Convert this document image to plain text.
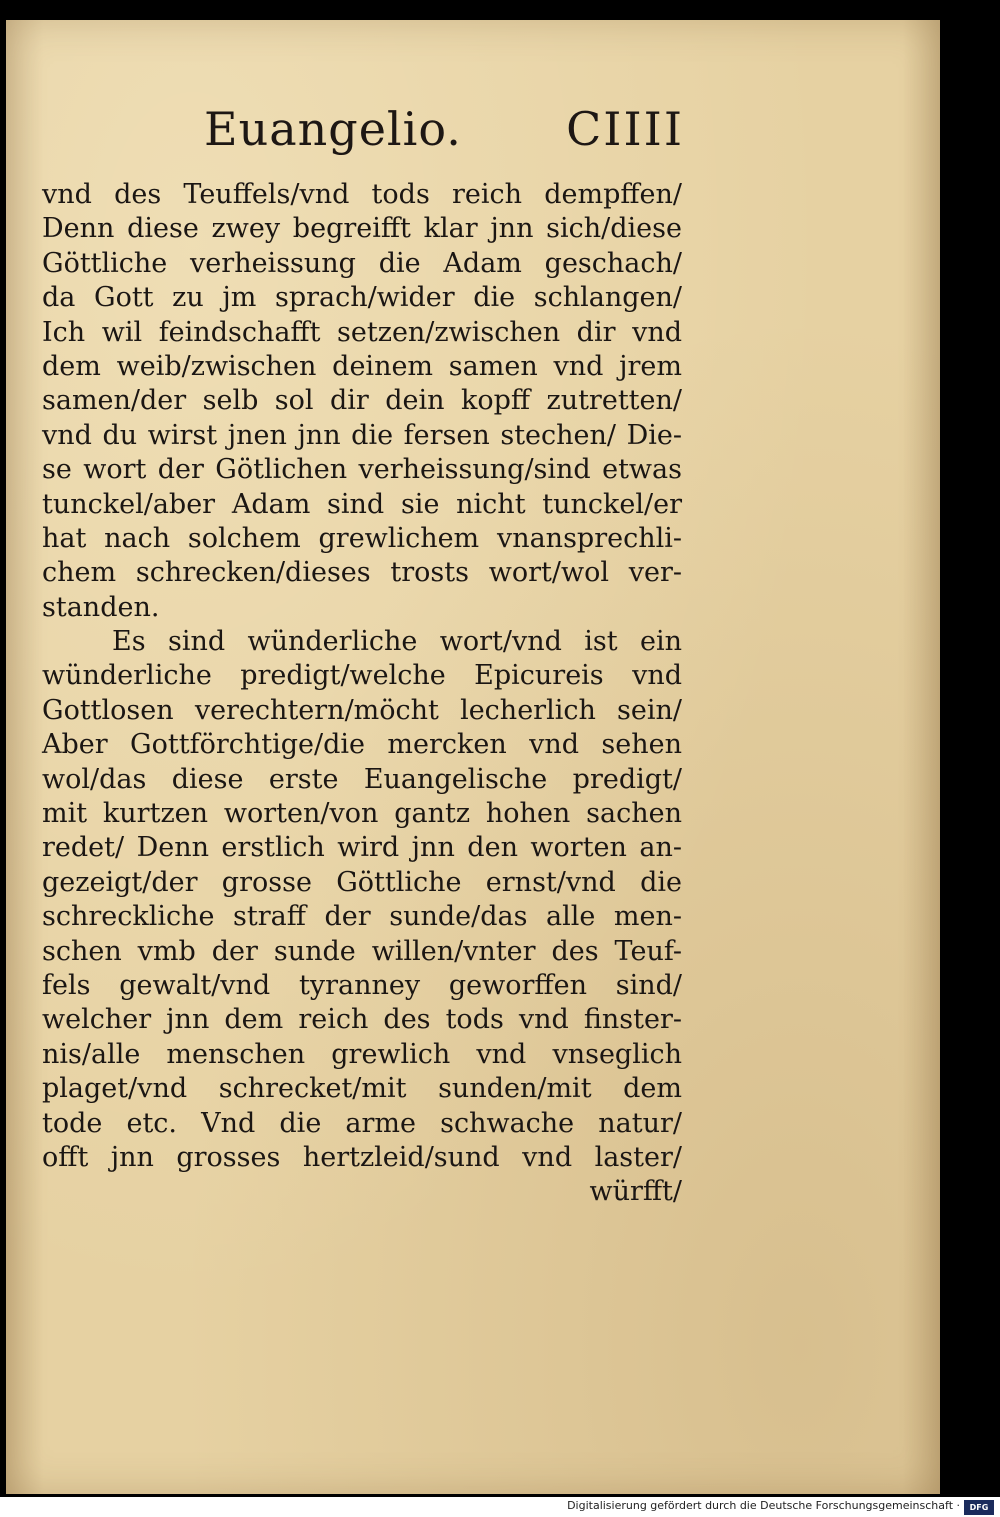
Euangelio. CIIII
vnd des Teuffels/vnd tods reich dempffen/
Denn diese zwey begreifft klar jnn sich/diese
Göttliche verheissung die Adam geschach/
da Gott zu jm sprach/wider die schlangen/
Ich wil feindschafft setzen/zwischen dir vnd
dem weib/zwischen deinem samen vnd jrem
samen/der selb sol dir dein kopff zutretten/
vnd du wirst jnen jnn die fersen stechen/ Die-
se wort der Götlichen verheissung/sind etwas
tunckel/aber Adam sind sie nicht tunckel/er
hat nach solchem grewlichem vnansprechli-
chem schrecken/dieses trosts wort/wol ver-
standen.
Es sind wünderliche wort/vnd ist ein
wünderliche predigt/welche Epicureis vnd
Gottlosen verechtern/möcht lecherlich sein/
Aber Gottförchtige/die mercken vnd sehen
wol/das diese erste Euangelische predigt/
mit kurtzen worten/von gantz hohen sachen
redet/ Denn erstlich wird jnn den worten an-
gezeigt/der grosse Göttliche ernst/vnd die
schreckliche straff der sunde/das alle men-
schen vmb der sunde willen/vnter des Teuf-
fels gewalt/vnd tyranney geworffen sind/
welcher jnn dem reich des tods vnd finster-
nis/alle menschen grewlich vnd vnseglich
plaget/vnd schrecket/mit sunden/mit dem
tode etc. Vnd die arme schwache natur/
offt jnn grosses hertzleid/sund vnd laster/
würfft/
Digitalisierung gefördert durch die Deutsche Forschungsgemeinschaft ·	DFG
